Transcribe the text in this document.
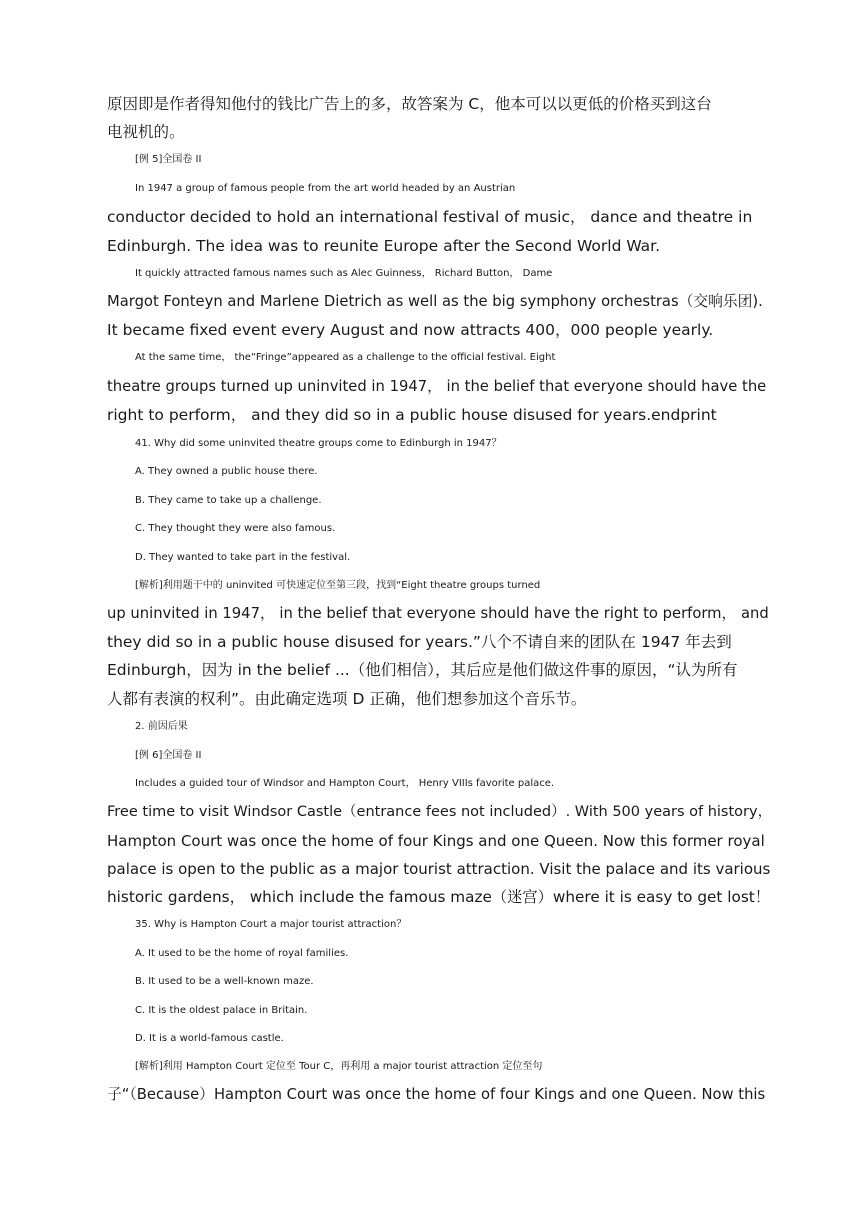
原因即是作者得知他付的钱比广告上的多，故答案为 C，他本可以以更低的价格买到这台
电视机的。
[例 5]全国卷 II
In 1947 a group of famous people from the art world headed by an Austrian
conductor decided to hold an international festival of music， dance and theatre in
Edinburgh. The idea was to reunite Europe after the Second World War.
It quickly attracted famous names such as Alec Guinness， Richard Button， Dame
Margot Fonteyn and Marlene Dietrich as well as the big symphony orchestras（交响乐团).
It became fixed event every August and now attracts 400，000 people yearly.
At the same time， the“Fringe”appeared as a challenge to the official festival. Eight
theatre groups turned up uninvited in 1947， in the belief that everyone should have the
right to perform， and they did so in a public house disused for years.endprint
41. Why did some uninvited theatre groups come to Edinburgh in 1947？
A. They owned a public house there.
B. They came to take up a challenge.
C. They thought they were also famous.
D. They wanted to take part in the festival.
[解析]利用题干中的 uninvited 可快速定位至第三段，找到“Eight theatre groups turned
up uninvited in 1947， in the belief that everyone should have the right to perform， and
they did so in a public house disused for years.”八个不请自来的团队在 1947 年去到
Edinburgh，因为 in the belief ...（他们相信），其后应是他们做这件事的原因，“认为所有
人都有表演的权利”。由此确定选项 D 正确，他们想参加这个音乐节。
2. 前因后果
[例 6]全国卷 II
Includes a guided tour of Windsor and Hampton Court， Henry VIIIs favorite palace.
Free time to visit Windsor Castle（entrance fees not included）. With 500 years of history，
Hampton Court was once the home of four Kings and one Queen. Now this former royal
palace is open to the public as a major tourist attraction. Visit the palace and its various
historic gardens， which include the famous maze（迷宫）where it is easy to get lost！
35. Why is Hampton Court a major tourist attraction？
A. It used to be the home of royal families.
B. It used to be a well-known maze.
C. It is the oldest palace in Britain.
D. It is a world-famous castle.
[解析]利用 Hampton Court 定位至 Tour C，再利用 a major tourist attraction 定位至句
子“（Because）Hampton Court was once the home of four Kings and one Queen. Now this
